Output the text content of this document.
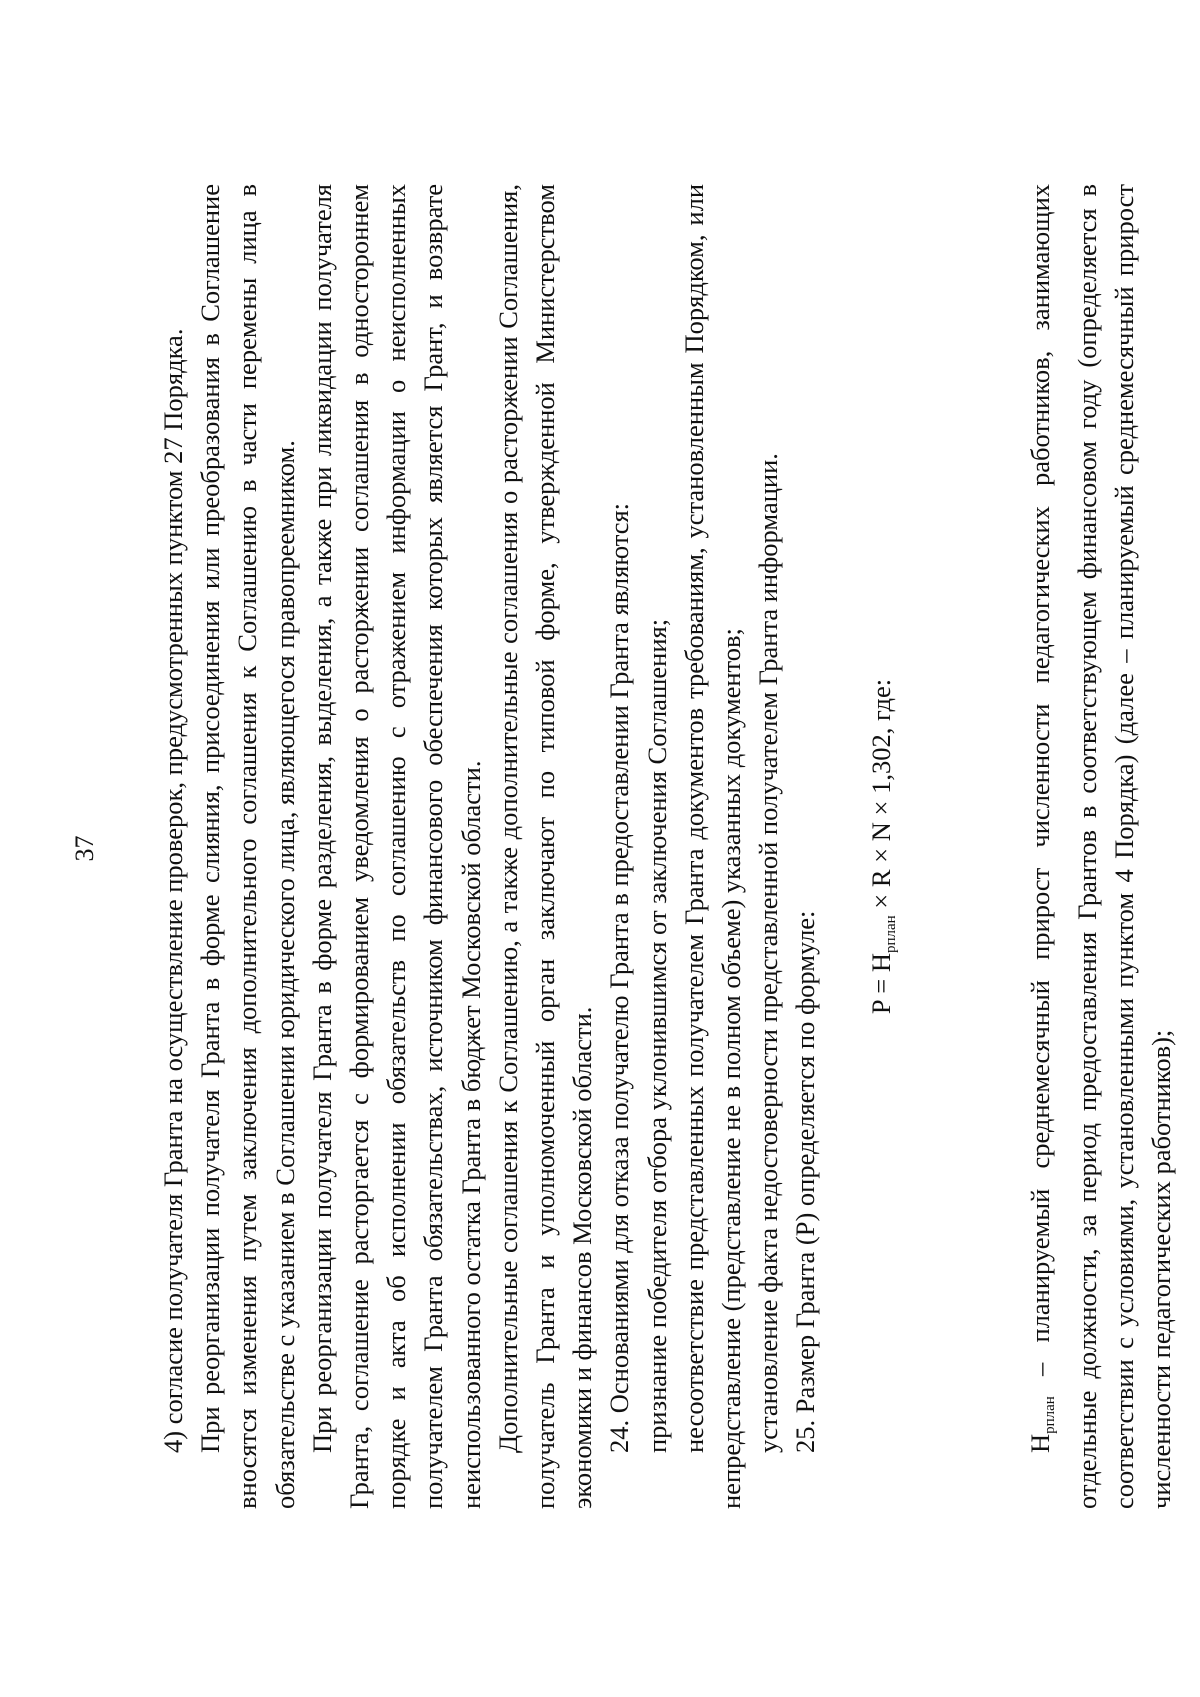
37 4) согласие получателя Гранта на осуществление проверок, предусмотренных пунктом 27 Порядка. При реорганизации получателя Гранта в форме слияния, присоединения или преобразования в Соглашение вносятся изменения путем заключения дополнительного соглашения к Соглашению в части перемены лица в обязательстве с указанием в Соглашении юридического лица, являющегося правопреемником. При реорганизации получателя Гранта в форме разделения, выделения, а также при ликвидации получателя Гранта, соглашение расторгается с формированием уведомления о расторжении соглашения в одностороннем порядке и акта об исполнении обязательств по соглашению с отражением информации о неисполненных получателем Гранта обязательствах, источником финансового обеспечения которых является Грант, и возврате неиспользованного остатка Гранта в бюджет Московской области. Дополнительные соглашения к Соглашению, а также дополнительные соглашения о расторжении Соглашения, получатель Гранта и уполномоченный орган заключают по типовой форме, утвержденной Министерством экономики и финансов Московской области. 24. Основаниями для отказа получателю Гранта в предоставлении Гранта являются: признание победителя отбора уклонившимся от заключения Соглашения; несоответствие представленных получателем Гранта документов требованиям, установленным Порядком, или непредставление (представление не в полном объеме) указанных документов; установление факта недостоверности представленной получателем Гранта информации. 25. Размер Гранта (P) определяется по формуле: $P = H_{рплан} \times R \times N \times 1,302$, где:

$H_{рплан}$ – планируемый среднемесячный прирост численности педагогических работников, занимающих отдельные должности, за период предоставления Грантов в соответствующем финансовом году (определяется в соответствии с условиями, установленными пунктом 4 Порядка) (далее – планируемый среднемесячный прирост численности педагогических работников);
